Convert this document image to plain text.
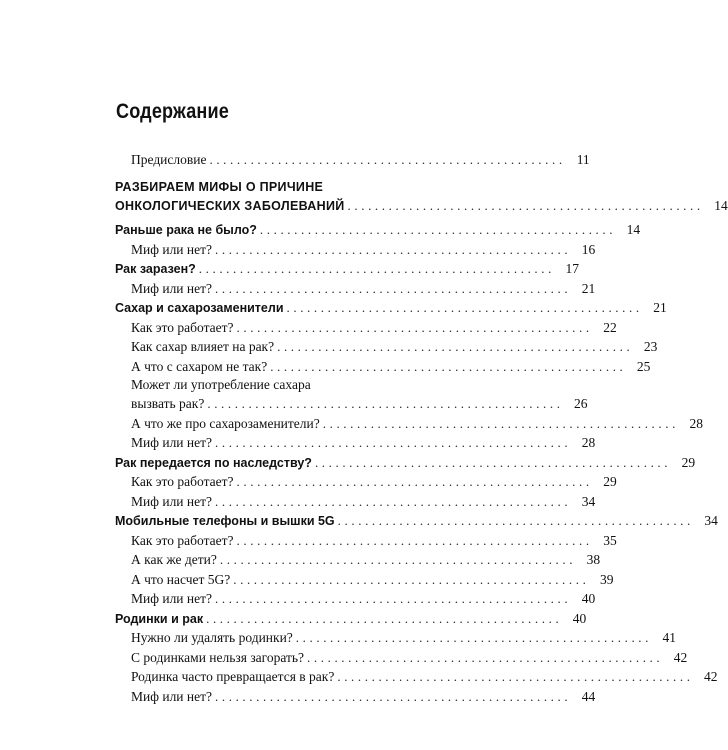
Содержание
Предисловие .................................................... 11
РАЗБИРАЕМ МИФЫ О ПРИЧИНЕ
ОНКОЛОГИЧЕСКИХ ЗАБОЛЕВАНИЙ .................................................... 14
Раньше рака не было? .................................................... 14
Миф или нет? .................................................... 16
Рак заразен? .................................................... 17
Миф или нет? .................................................... 21
Сахар и сахарозаменители .................................................... 21
Как это работает? .................................................... 22
Как сахар влияет на рак? .................................................... 23
А что с сахаром не так? .................................................... 25
Может ли употребление сахара
вызвать рак? .................................................... 26
А что же про сахарозаменители? .................................................... 28
Миф или нет? .................................................... 28
Рак передается по наследству? .................................................... 29
Как это работает? .................................................... 29
Миф или нет? .................................................... 34
Мобильные телефоны и вышки 5G .................................................... 34
Как это работает? .................................................... 35
А как же дети? .................................................... 38
А что насчет 5G? .................................................... 39
Миф или нет? .................................................... 40
Родинки и рак .................................................... 40
Нужно ли удалять родинки? .................................................... 41
С родинками нельзя загорать? .................................................... 42
Родинка часто превращается в рак? .................................................... 42
Миф или нет? .................................................... 44
